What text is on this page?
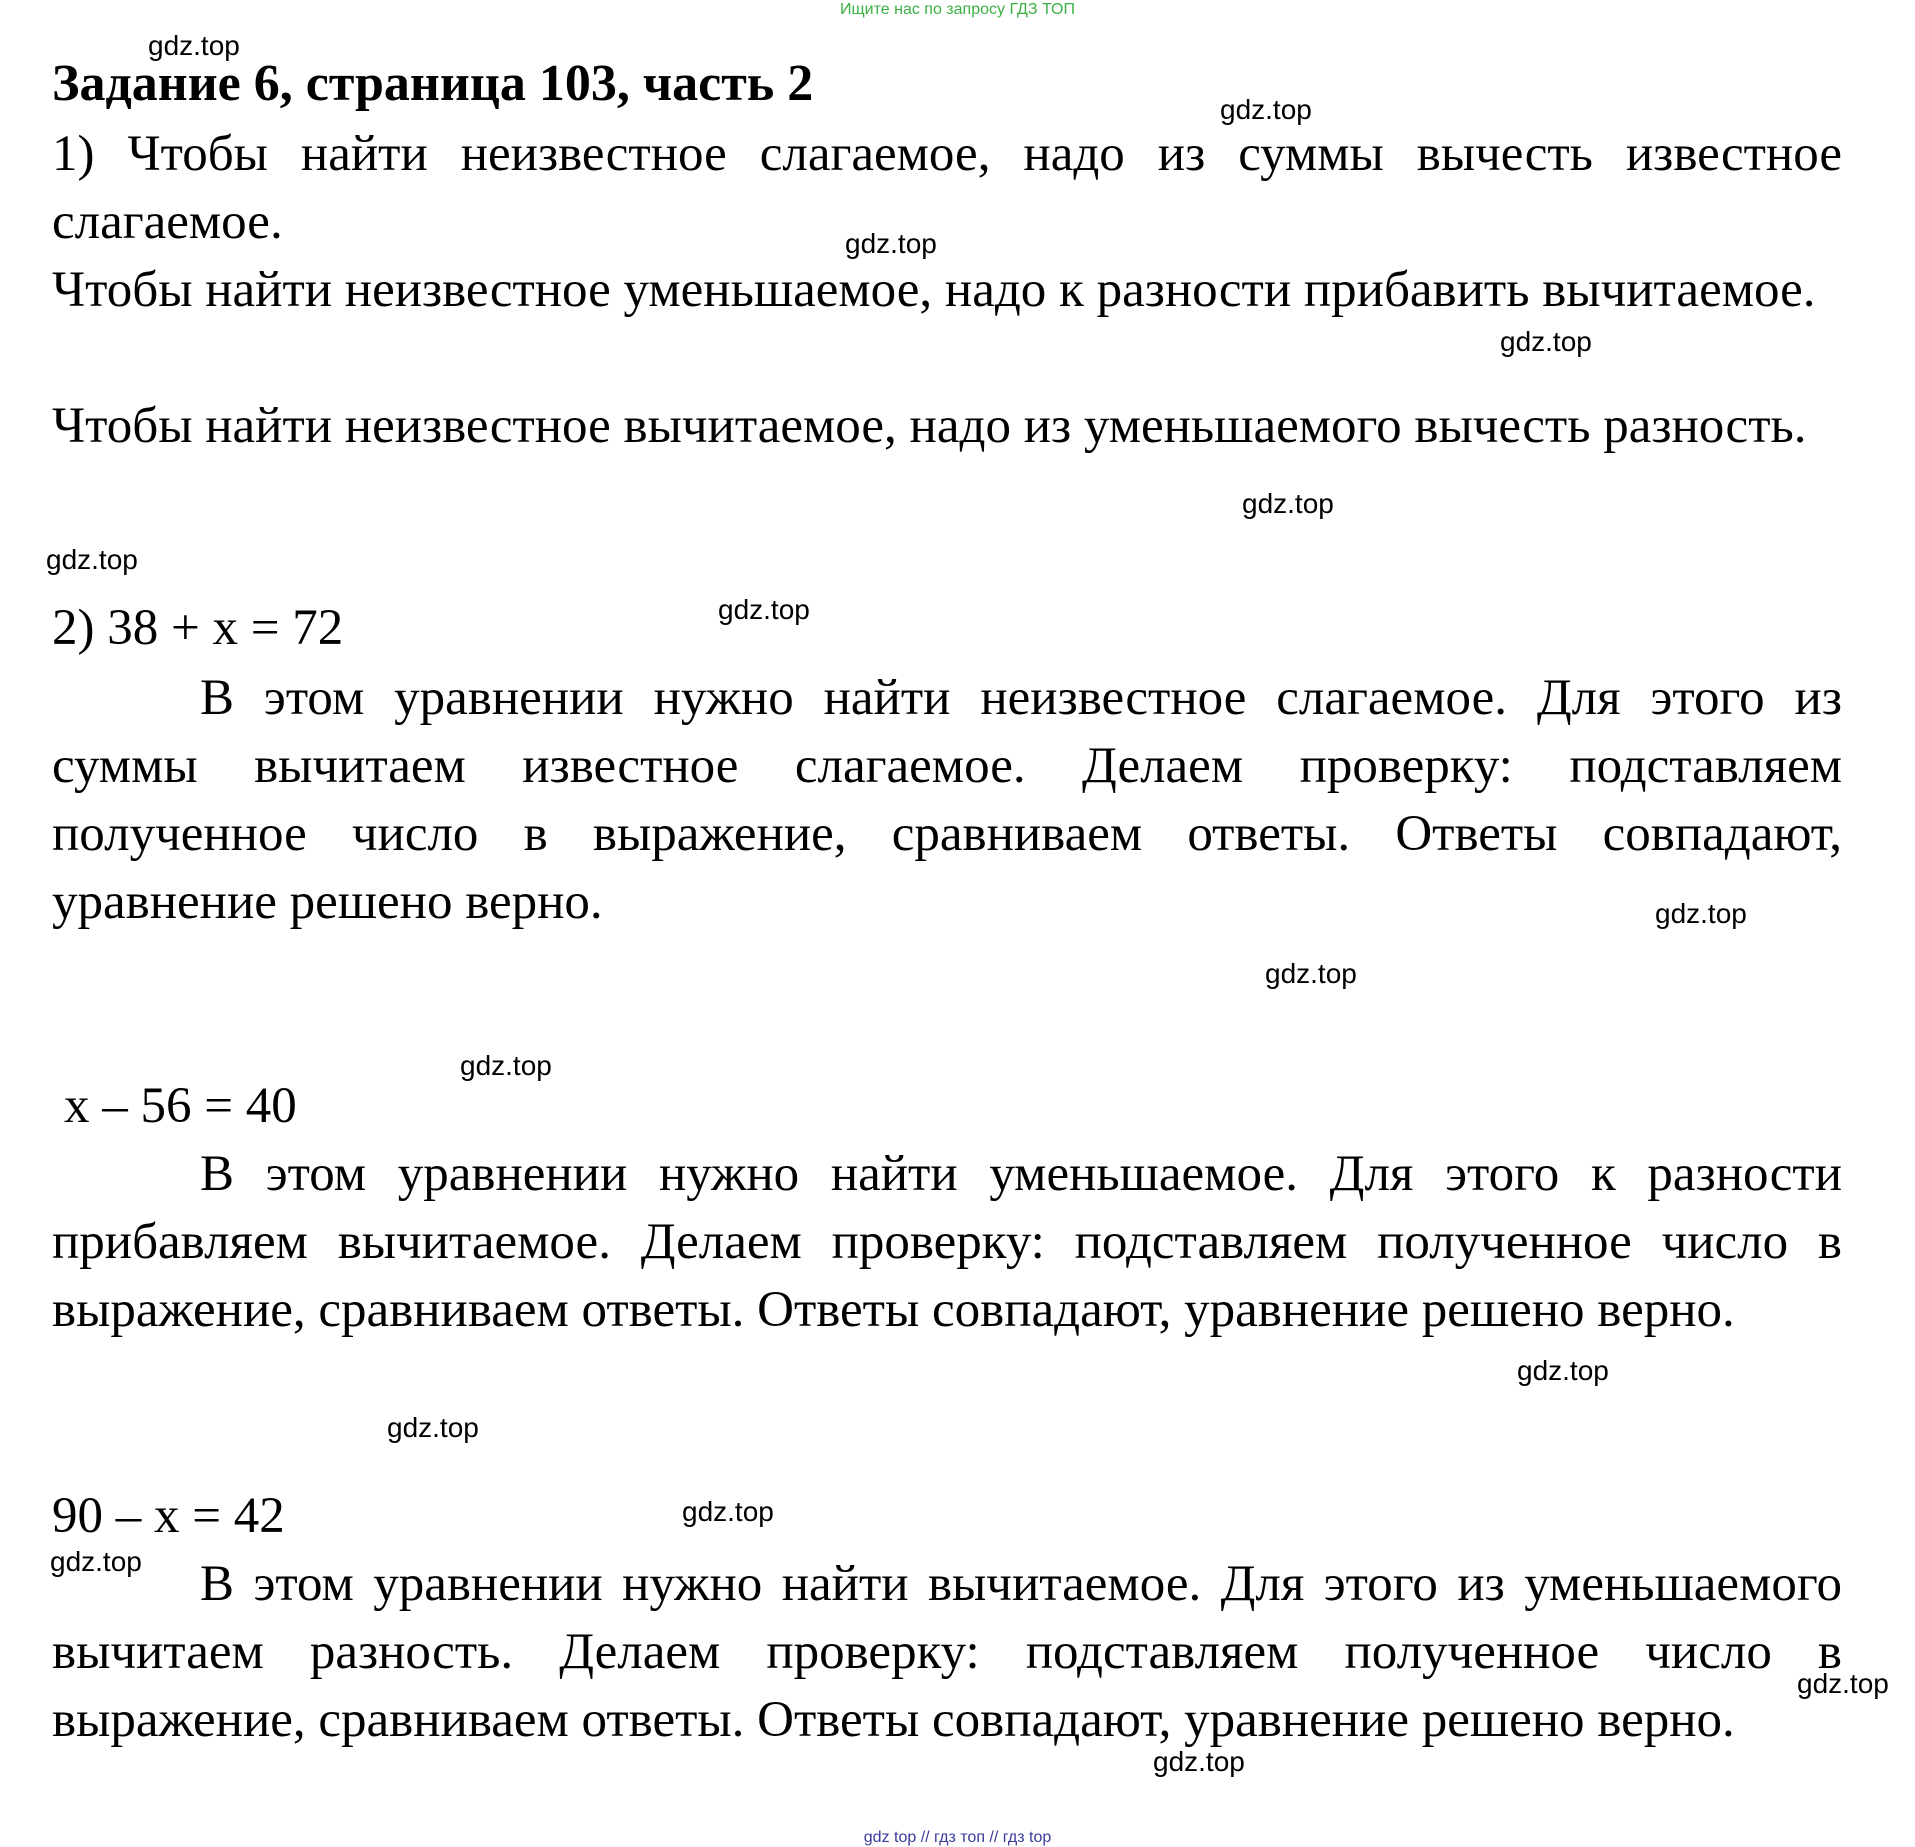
Ищите нас по запросу ГДЗ ТОП
Задание 6, страница 103, часть 2
1) Чтобы найти неизвестное слагаемое, надо из суммы вычесть известное слагаемое.
Чтобы найти неизвестное уменьшаемое, надо к разности прибавить вычитаемое.
Чтобы найти неизвестное вычитаемое, надо из уменьшаемого вычесть разность.
2) 38 + x = 72
В этом уравнении нужно найти неизвестное слагаемое. Для этого из суммы вычитаем известное слагаемое. Делаем проверку: подставляем полученное число в выражение, сравниваем ответы. Ответы совпадают, уравнение решено верно.
x – 56 = 40
В этом уравнении нужно найти уменьшаемое. Для этого к разности прибавляем вычитаемое. Делаем проверку: подставляем полученное число в выражение, сравниваем ответы. Ответы совпадают, уравнение решено верно.
90 – x = 42
В этом уравнении нужно найти вычитаемое. Для этого из уменьшаемого вычитаем разность. Делаем проверку: подставляем полученное число в выражение, сравниваем ответы. Ответы совпадают, уравнение решено верно.
gdz.top
gdz.top
gdz.top
gdz.top
gdz.top
gdz.top
gdz.top
gdz.top
gdz.top
gdz.top
gdz.top
gdz.top
gdz.top
gdz.top
gdz.top
gdz.top
gdz top // гдз топ // гдз top
